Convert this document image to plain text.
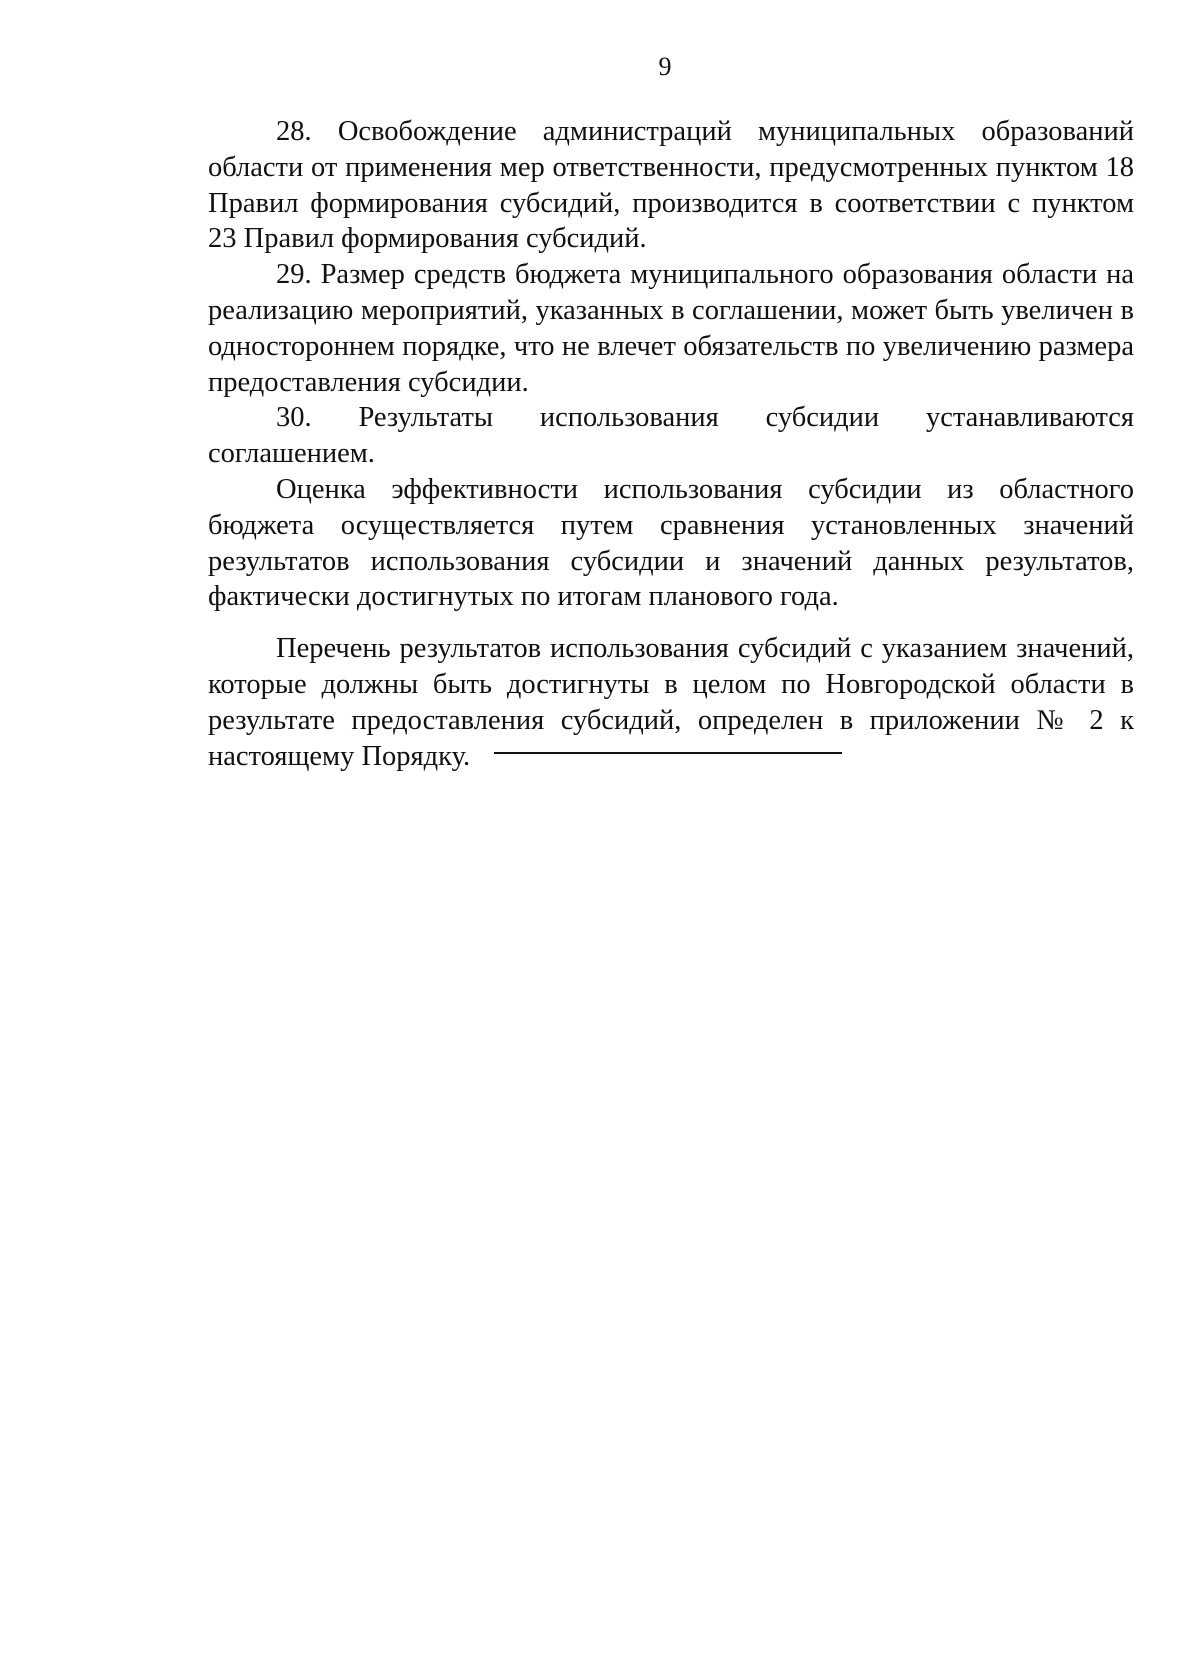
9

28. Освобождение администраций муниципальных образований области от применения мер ответственности, предусмотренных пунктом 18 Правил формирования субсидий, производится в соответствии с пунктом 23 Правил формирования субсидий.

29. Размер средств бюджета муниципального образования области на реализацию мероприятий, указанных в соглашении, может быть увеличен в одностороннем порядке, что не влечет обязательств по увеличению размера предоставления субсидии.

30. Результаты использования субсидии устанавливаются соглашением.

Оценка эффективности использования субсидии из областного бюджета осуществляется путем сравнения установленных значений результатов использования субсидии и значений данных результатов, фактически достигнутых по итогам планового года.

Перечень результатов использования субсидий с указанием значений, которые должны быть достигнуты в целом по Новгородской области в результате предоставления субсидий, определен в приложении № 2 к настоящему Порядку.
